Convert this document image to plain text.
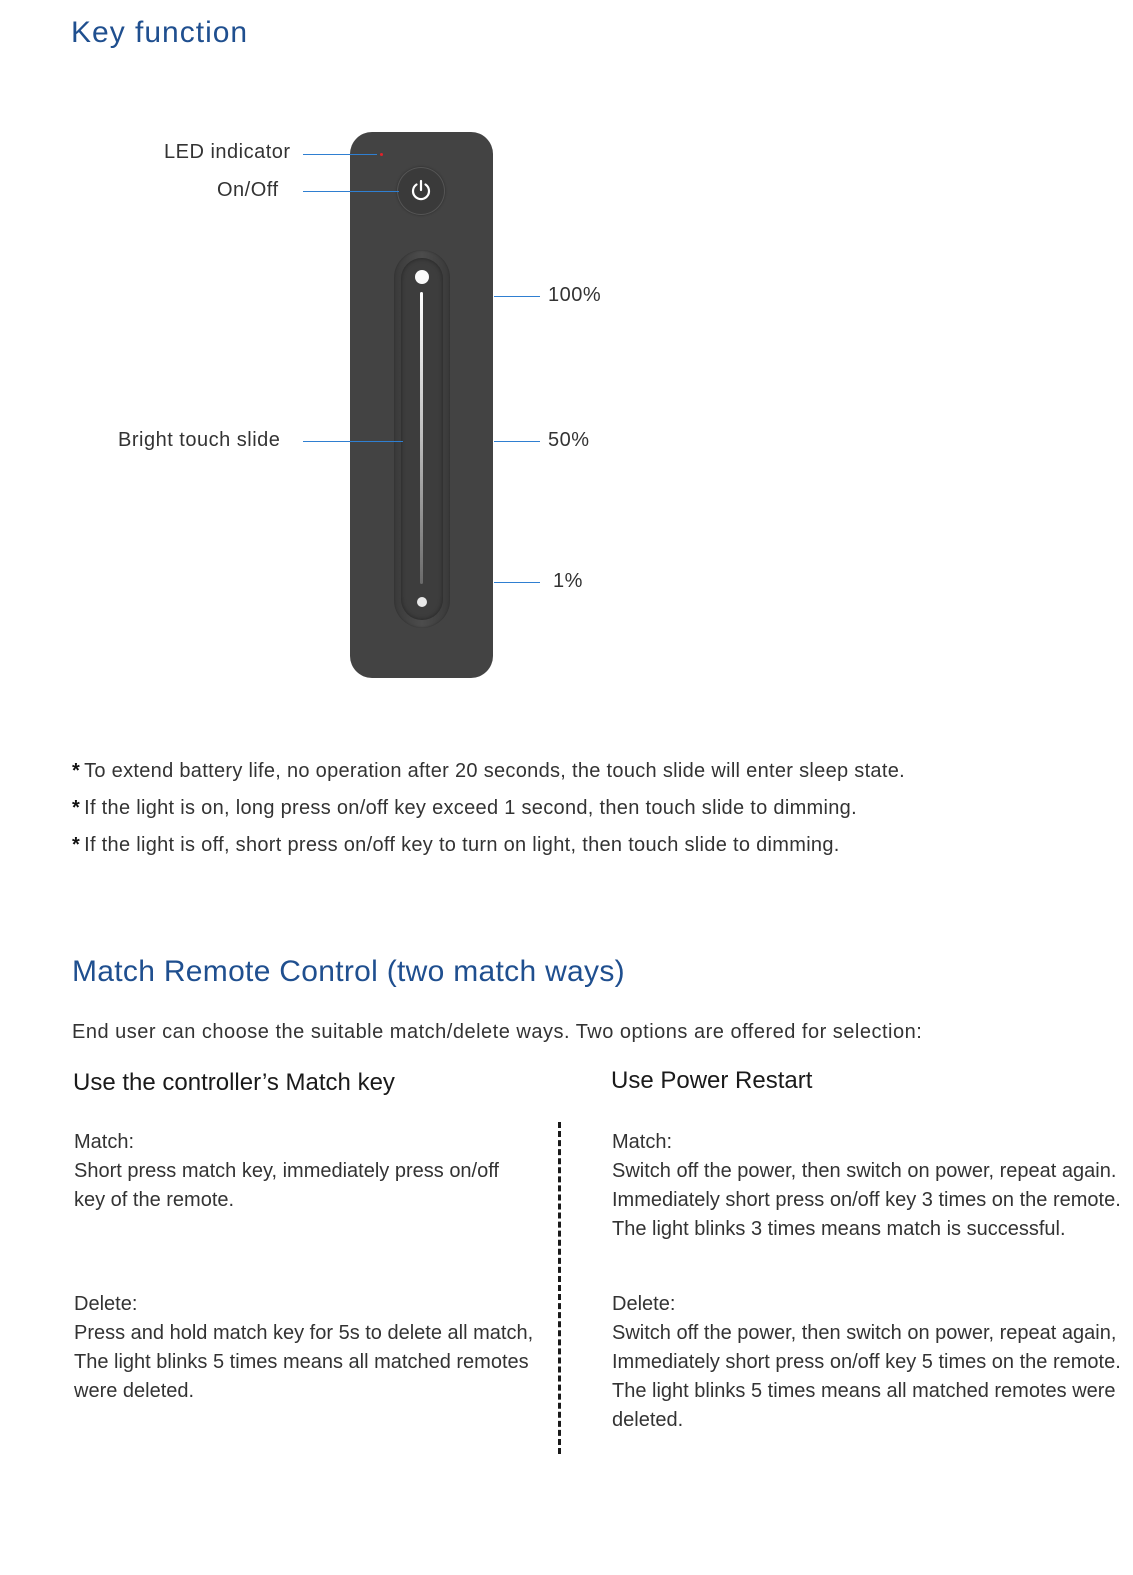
Key function
LED indicator
On/Off
Bright touch slide
100%
50%
1%
* To extend battery life, no operation after 20 seconds, the touch slide will enter sleep state.
* If the light is on, long press on/off key exceed 1 second, then touch slide to dimming.
* If the light is off, short press on/off key to turn on light, then touch slide to dimming.
Match Remote Control (two match ways)
End user can choose the suitable match/delete ways. Two options are offered for selection:
Use the controller’s Match key
Match:
Short press match key, immediately press on/off
key of the remote.
Delete:
Press and hold match key for 5s to delete all match,
The light blinks 5 times means all matched remotes
were deleted.
Use Power Restart
Match:
Switch off the power, then switch on power, repeat again.
Immediately short press on/off key 3 times on the remote.
The light blinks 3 times means match is successful.
Delete:
Switch off the power, then switch on power, repeat again,
Immediately short press on/off key 5 times on the remote.
The light blinks 5 times means all matched remotes were
deleted.
